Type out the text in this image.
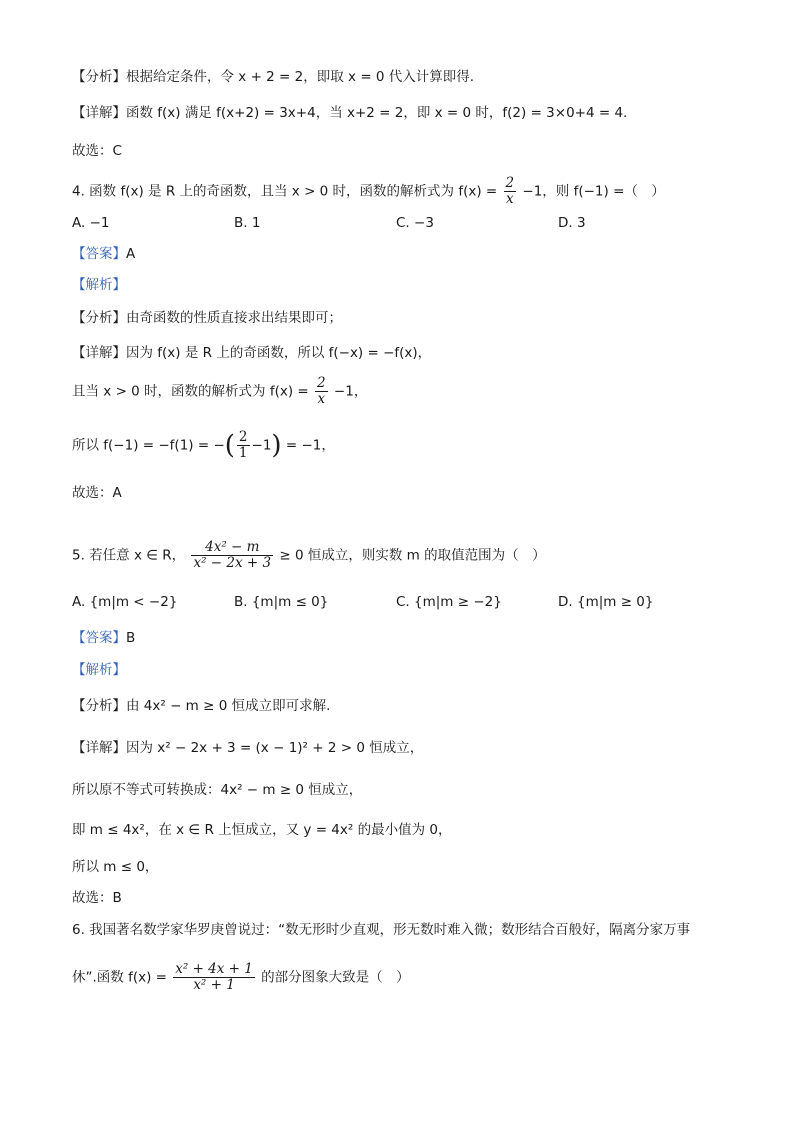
【分析】根据给定条件，令 x + 2 = 2，即取 x = 0 代入计算即得.
【详解】函数 f(x) 满足 f(x+2) = 3x+4，当 x+2 = 2，即 x = 0 时，f(2) = 3×0+4 = 4.
故选：C
4. 函数 f(x) 是 R 上的奇函数，且当 x > 0 时，函数的解析式为 $f(x) = \frac{2}{x} -1$，则 f(−1) =（　）
A. −1	B. 1	C. −3	D. 3
【答案】A
【解析】
【分析】由奇函数的性质直接求出结果即可；
【详解】因为 f(x) 是 R 上的奇函数，所以 f(−x) = −f(x)，
且当 x > 0 时，函数的解析式为 $f(x) = \frac{2}{x} -1$，
所以 f(−1) = −f(1) = −( $\frac{2}{1} -1) = -1$，
故选：A
5. 若任意 x ∈ R， $\frac{\text{4x² − m}}{\text{x² − 2x + 3}} \ge 0$ 恒成立，则实数 m 的取值范围为（　）
A. {m|m < −2}	B. {m|m ≤ 0}	C. {m|m ≥ −2}	D. {m|m ≥ 0}
【答案】B
【解析】
【分析】由 4x² − m ≥ 0 恒成立即可求解.
【详解】因为 x² − 2x + 3 = (x − 1)² + 2 > 0 恒成立，
所以原不等式可转换成：4x² − m ≥ 0 恒成立，
即 m ≤ 4x²，在 x ∈ R 上恒成立，又 y = 4x² 的最小值为 0，
所以 m ≤ 0，
故选：B
6. 我国著名数学家华罗庚曾说过：“数无形时少直观，形无数时难入微；数形结合百般好，隔离分家万事
休”.函数 $f(x) = \frac{\text{x² + 4x + 1}}{\text{x² + 1}}$ 的部分图象大致是（　）
